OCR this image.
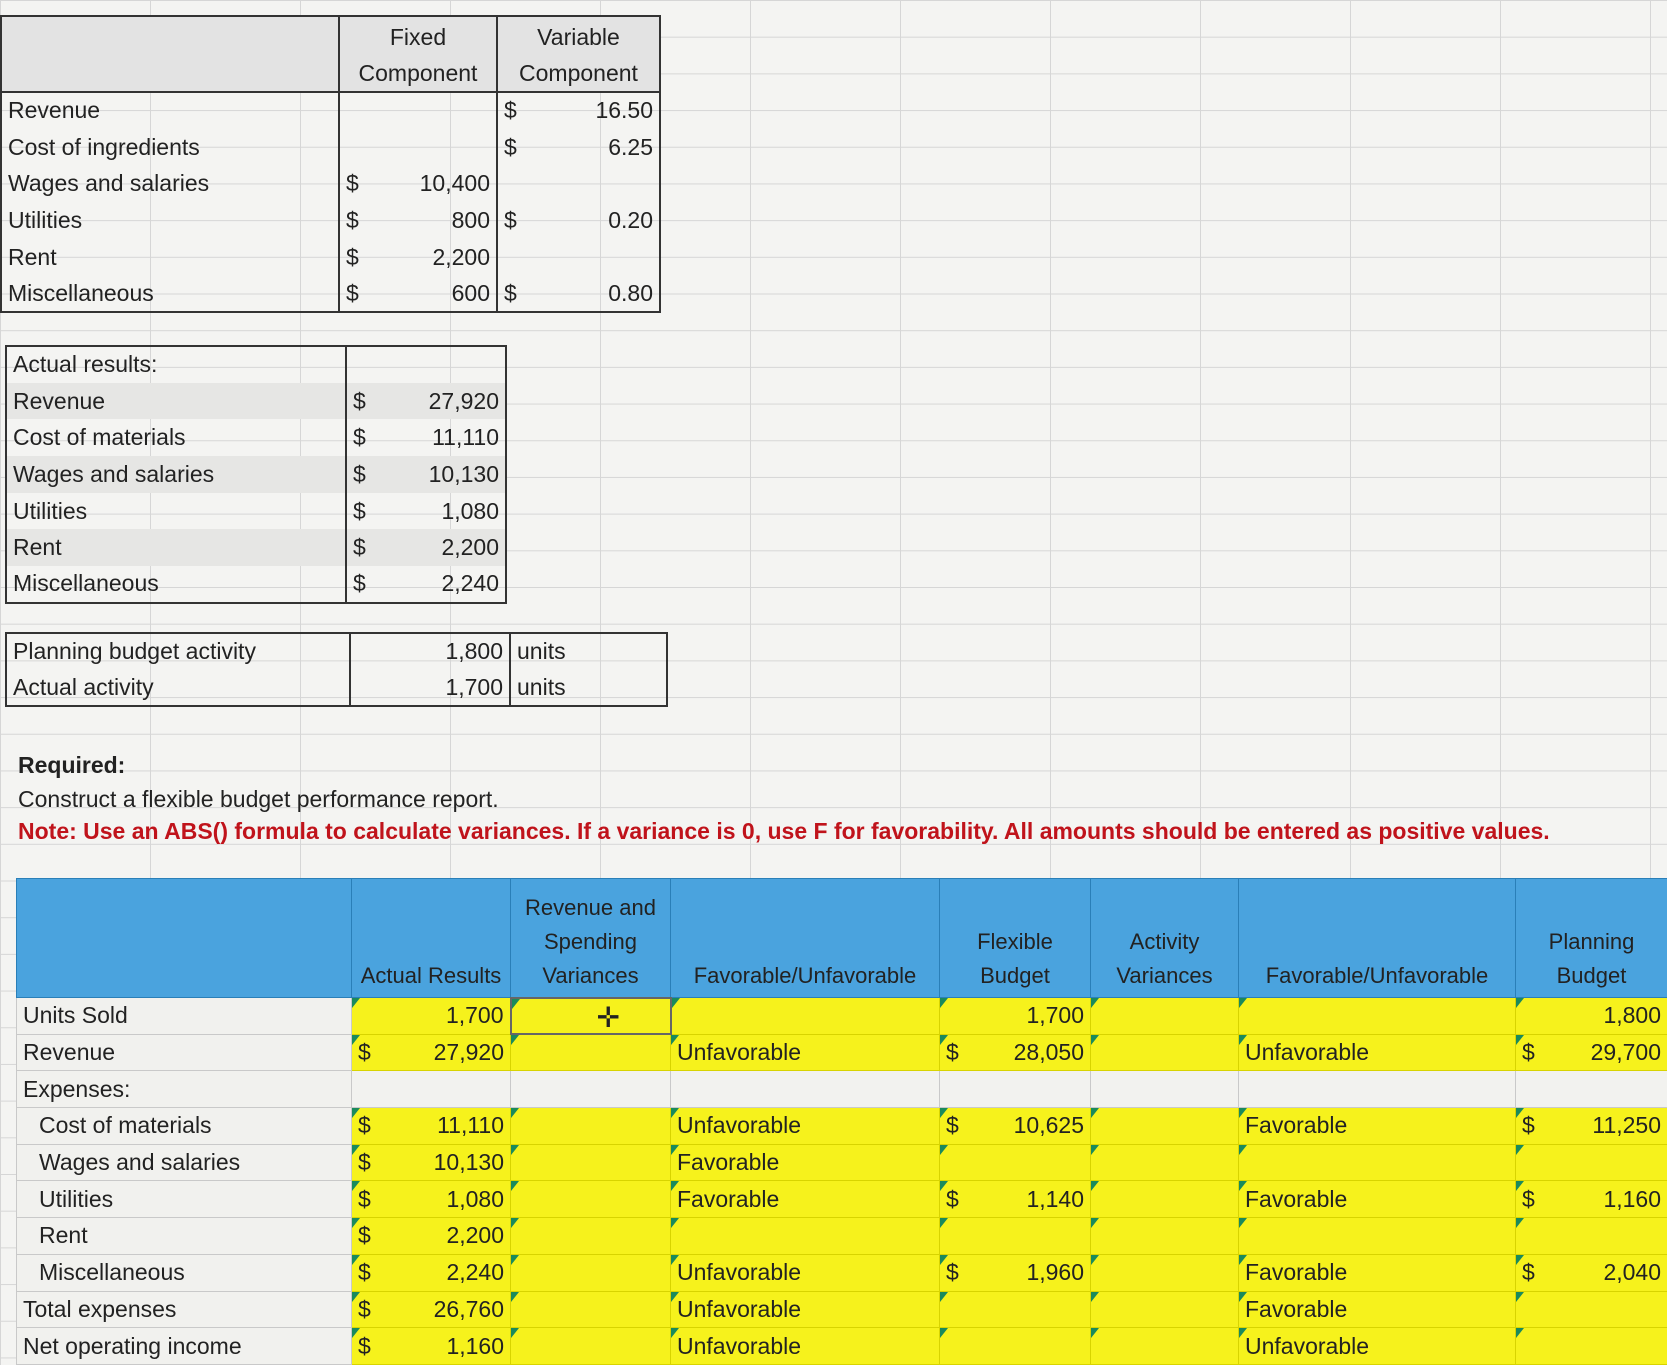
	Fixed Component	Variable Component
Revenue		$ 16.50

Cost of ingredients		$ 6.25

Wages and salaries	$ 10,400	

Utilities	$ 800	$ 0.20

Rent	$ 2,200	

Miscellaneous	$ 600	$ 0.80
Actual results:	
Revenue	$ 27,920

Cost of materials	$ 11,110

Wages and salaries	$ 10,130

Utilities	$ 1,080

Rent	$ 2,200

Miscellaneous	$ 2,240
Planning budget activity	1,800	units
Actual activity	1,700	units
Required:
Construct a flexible budget performance report.
Note: Use an ABS() formula to calculate variances. If a variance is 0, use F for favorability. All amounts should be entered as positive values.
	Actual Results	Revenue and Spending Variances	Favorable/Unfavorable	Flexible Budget	Activity Variances	Favorable/Unfavorable	Planning Budget
Units Sold	1,700	✛		1,700			1,800

Revenue	$ 27,920		Unfavorable	$ 28,050		Unfavorable	$ 29,700

Expenses:	

Cost of materials	$ 11,110		Unfavorable	$ 10,625		Favorable	$ 11,250

Wages and salaries	$ 10,130		Favorable	

Utilities	$ 1,080		Favorable	$ 1,140		Favorable	$ 1,160

Rent	$ 2,200						

Miscellaneous	$ 2,240		Unfavorable	$ 1,960		Favorable	$ 2,040

Total expenses	$ 26,760		Unfavorable			Favorable	

Net operating income	$ 1,160		Unfavorable			Unfavorable	
